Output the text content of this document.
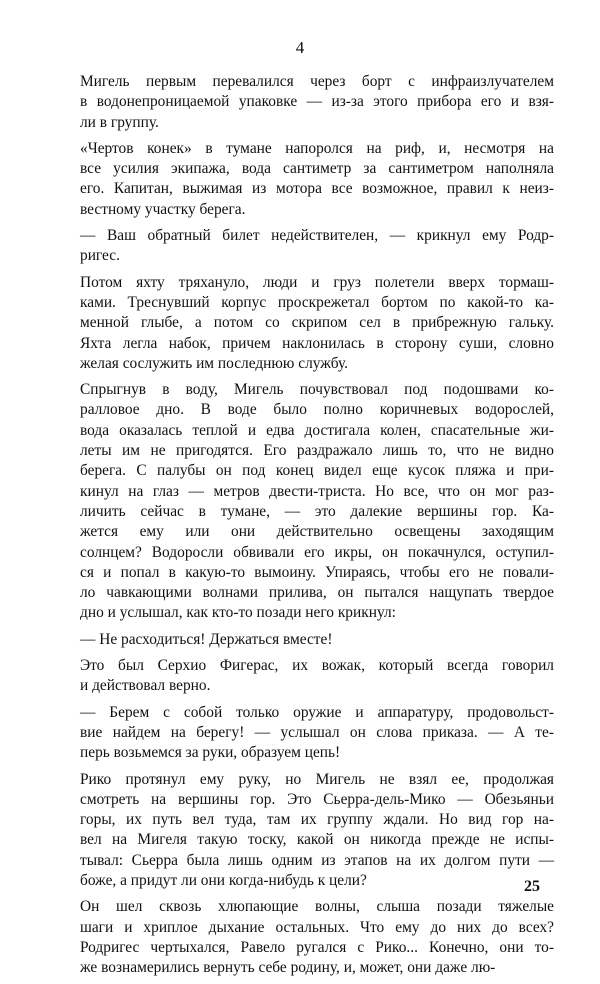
4

Мигель первым перевалился через борт с инфраизлучателем
в водонепроницаемой упаковке — из-за этого прибора его и взя-
ли в группу.

«Чертов конек» в тумане напоролся на риф, и, несмотря на
все усилия экипажа, вода сантиметр за сантиметром наполняла
его. Капитан, выжимая из мотора все возможное, правил к неиз-
вестному участку берега.

— Ваш обратный билет недействителен, — крикнул ему Родр-
ригес.

Потом яхту тряхануло, люди и груз полетели вверх тормаш-
ками. Треснувший корпус проскрежетал бортом по какой-то ка-
менной глыбе, а потом со скрипом сел в прибрежную гальку.
Яхта легла набок, причем наклонилась в сторону суши, словно
желая сослужить им последнюю службу.

Спрыгнув в воду, Мигель почувствовал под подошвами ко-
ралловое дно. В воде было полно коричневых водорослей,
вода оказалась теплой и едва достигала колен, спасательные жи-
леты им не пригодятся. Его раздражало лишь то, что не видно
берега. С палубы он под конец видел еще кусок пляжа и при-
кинул на глаз — метров двести-триста. Но все, что он мог раз-
личить сейчас в тумане, — это далекие вершины гор. Ка-
жется ему или они действительно освещены заходящим
солнцем? Водоросли обвивали его икры, он покачнулся, оступил-
ся и попал в какую-то вымоину. Упираясь, чтобы его не повали-
ло чавкающими волнами прилива, он пытался нащупать твердое
дно и услышал, как кто-то позади него крикнул:

— Не расходиться! Держаться вместе!

Это был Серхио Фигерас, их вожак, который всегда говорил
и действовал верно.

— Берем с собой только оружие и аппаратуру, продовольст-
вие найдем на берегу! — услышал он слова приказа. — А те-
перь возьмемся за руки, образуем цепь!

Рико протянул ему руку, но Мигель не взял ее, продолжая
смотреть на вершины гор. Это Сьерра-дель-Мико — Обезьяньи
горы, их путь вел туда, там их группу ждали. Но вид гор на-
вел на Мигеля такую тоску, какой он никогда прежде не испы-
тывал: Сьерра была лишь одним из этапов на их долгом пути —
боже, а придут ли они когда-нибудь к цели?

Он шел сквозь хлюпающие волны, слыша позади тяжелые
шаги и хриплое дыхание остальных. Что ему до них до всех?
Родригес чертыхался, Равело ругался с Рико... Конечно, они то-
же вознамерились вернуть себе родину, и, может, они даже лю-

25
